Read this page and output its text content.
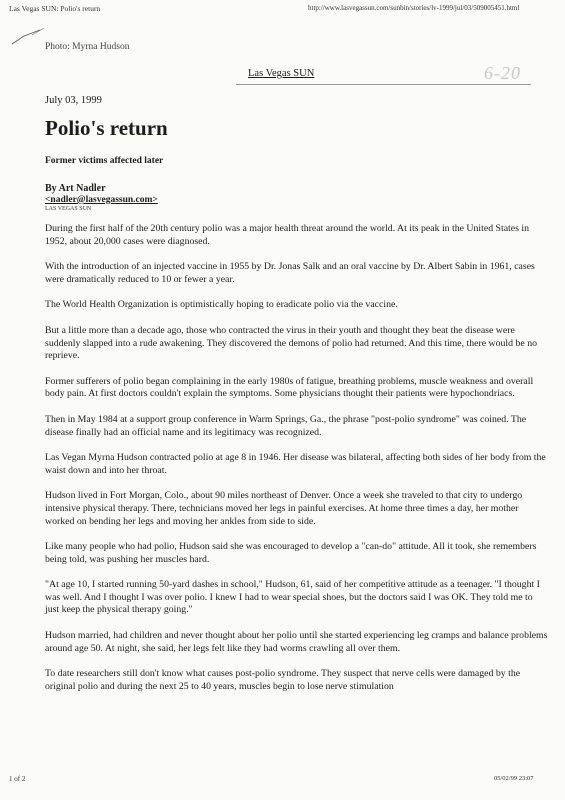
Las Vegas SUN: Polio's return	http://www.lasvegassun.com/sunbin/stories/lv-1999/jul/03/509005451.html
Photo: Myrna Hudson
Las Vegas SUN	6-20
July 03, 1999
Polio's return
Former victims affected later
By Art Nadler
<nadler@lasvegassun.com>
LAS VEGAS SUN

During the first half of the 20th century polio was a major health threat around the world. At its peak in the United States in 1952, about 20,000 cases were diagnosed.

With the introduction of an injected vaccine in 1955 by Dr. Jonas Salk and an oral vaccine by Dr. Albert Sabin in 1961, cases were dramatically reduced to 10 or fewer a year.

The World Health Organization is optimistically hoping to eradicate polio via the vaccine.

But a little more than a decade ago, those who contracted the virus in their youth and thought they beat the disease were suddenly slapped into a rude awakening. They discovered the demons of polio had returned. And this time, there would be no reprieve.

Former sufferers of polio began complaining in the early 1980s of fatigue, breathing problems, muscle weakness and overall body pain. At first doctors couldn't explain the symptoms. Some physicians thought their patients were hypochondriacs.

Then in May 1984 at a support group conference in Warm Springs, Ga., the phrase "post-polio syndrome" was coined. The disease finally had an official name and its legitimacy was recognized.

Las Vegan Myrna Hudson contracted polio at age 8 in 1946. Her disease was bilateral, affecting both sides of her body from the waist down and into her throat.

Hudson lived in Fort Morgan, Colo., about 90 miles northeast of Denver. Once a week she traveled to that city to undergo intensive physical therapy. There, technicians moved her legs in painful exercises. At home three times a day, her mother worked on bending her legs and moving her ankles from side to side.

Like many people who had polio, Hudson said she was encouraged to develop a "can-do" attitude. All it took, she remembers being told, was pushing her muscles hard.

"At age 10, I started running 50-yard dashes in school," Hudson, 61, said of her competitive attitude as a teenager. "I thought I was well. And I thought I was over polio. I knew I had to wear special shoes, but the doctors said I was OK. They told me to just keep the physical therapy going."

Hudson married, had children and never thought about her polio until she started experiencing leg cramps and balance problems around age 50. At night, she said, her legs felt like they had worms crawling all over them.

To date researchers still don't know what causes post-polio syndrome. They suspect that nerve cells were damaged by the original polio and during the next 25 to 40 years, muscles begin to lose nerve stimulation

1 of 2	05/02/99 23:07
